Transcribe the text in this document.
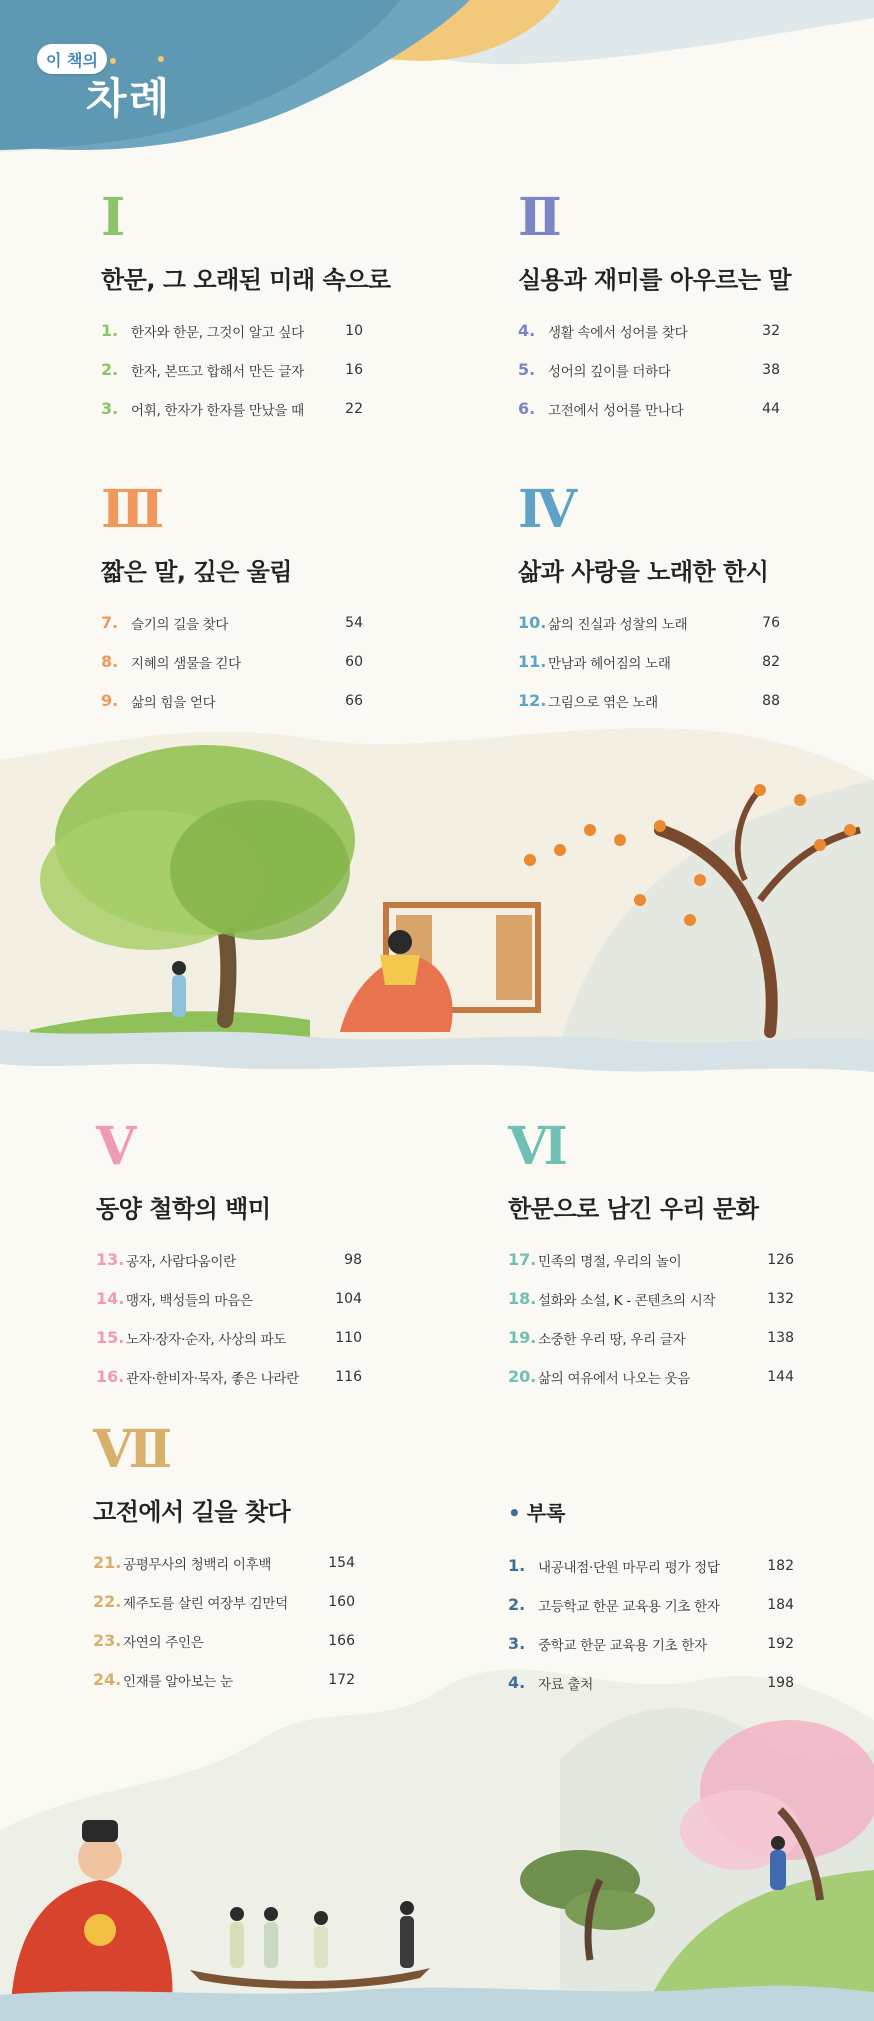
이 책의
차례
Ⅰ
한문, 그 오래된 미래 속으로
1. 한자와 한문, 그것이 알고 싶다	10
2. 한자, 본뜨고 합해서 만든 글자	16
3. 어휘, 한자가 한자를 만났을 때	22
Ⅱ
실용과 재미를 아우르는 말
4. 생활 속에서 성어를 찾다	32
5. 성어의 깊이를 더하다	38
6. 고전에서 성어를 만나다	44
Ⅲ
짧은 말, 깊은 울림
7. 슬기의 길을 찾다	54
8. 지혜의 샘물을 긷다	60
9. 삶의 힘을 얻다	66
Ⅳ
삶과 사랑을 노래한 한시
10. 삶의 진실과 성찰의 노래	76
11. 만남과 헤어짐의 노래	82
12. 그림으로 엮은 노래	88
Ⅴ
동양 철학의 백미
13. 공자, 사람다움이란	98
14. 맹자, 백성들의 마음은	104
15. 노자·장자·순자, 사상의 파도	110
16. 관자·한비자·묵자, 좋은 나라란	116
Ⅵ
한문으로 남긴 우리 문화
17. 민족의 명절, 우리의 놀이	126
18. 설화와 소설, K - 콘텐츠의 시작	132
19. 소중한 우리 땅, 우리 글자	138
20. 삶의 여유에서 나오는 웃음	144
Ⅶ
고전에서 길을 찾다
21. 공평무사의 청백리 이후백	154
22. 제주도를 살린 여장부 김만덕	160
23. 자연의 주인은	166
24. 인재를 알아보는 눈	172
• 부록
1. 내공내점·단원 마무리 평가 정답	182
2. 고등학교 한문 교육용 기초 한자	184
3. 중학교 한문 교육용 기초 한자	192
4. 자료 출처	198
